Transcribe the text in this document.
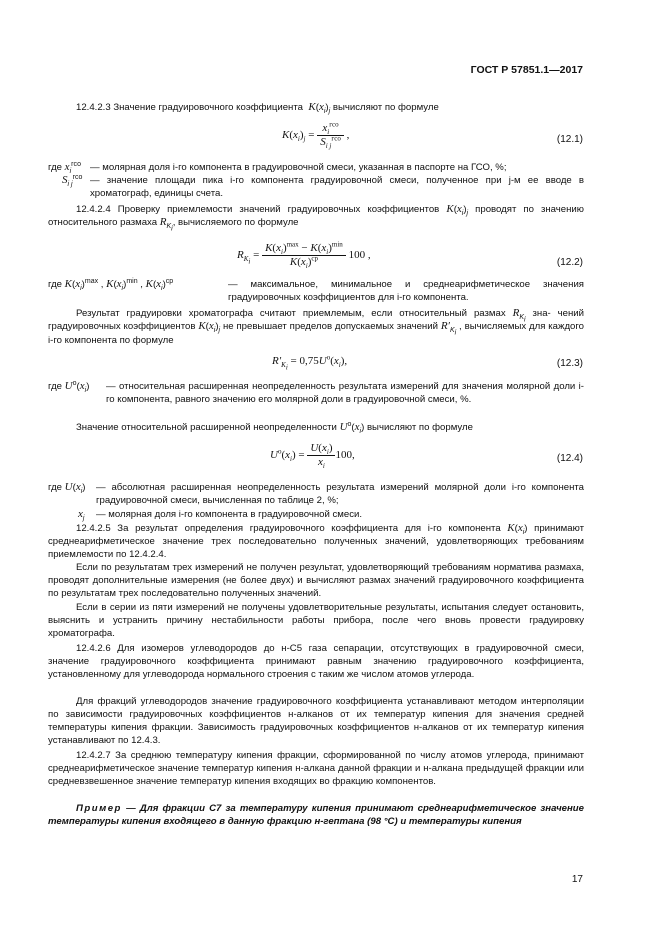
ГОСТ Р 57851.1—2017
12.4.2.3 Значение градуировочного коэффициента  $K(x_i)_j$ вычисляют по формуле
$K(x_i)_j = \frac{x_i^{гсо}}{S_{i j}^{гсо}}$ ,	(12.1)
где $x_i^{гсо}$ — молярная доля i-го компонента в градуировочной смеси, указанная в паспорте на ГСО, %;
$S_{i j}^{гсо}$ — значение площади пика i-го компонента градуировочной смеси, полученное при j-м ее вводе в хроматограф, единицы счета.
12.4.2.4 Проверку приемлемости значений градуировочных коэффициентов $K(x_i)_j$ проводят по значению относительного размаха $R_{K_i}$, вычисляемого по формуле
$R_{K_i} = \frac{K(x_i)^{max} - K(x_i)^{min}}{K(x_i)^{ср}} 100$ ,
(12.2)
где $K(x_i)^{max}$ , $K(x_i)^{min}$ , $K(x_i)^{ср}$	— максимальное, минимальное и среднеарифметическое значения градуировочных коэффициентов для i-го компонента.
Результат градуировки хроматографа считают приемлемым, если относительный размах $R_{K_i}$ зна- чений градуировочных коэффициентов $K(x_i)_j$ не превышает пределов допускаемых значений $R'_{K_i}$ , вычисляемых для каждого i-го компонента по формуле
$R'_{K_i} = 0,75U^о(x_i)$,	(12.3)
где $U^о(x_i)$ — относительная расширенная неопределенность результата измерений для значения молярной доли i-го компонента, равного значению его молярной доли в градуировочной смеси, %.
Значение относительной расширенной неопределенности $U^о(x_i)$ вычисляют по формуле
$U^о(x_i) = \frac{U(x_i)}{x_i} 100$,	(12.4)
где $U(x_i)$ — абсолютная расширенная неопределенность результата измерений молярной доли i-го компонента градуировочной смеси, вычисленная по таблице 2, %;
$x_j$ — молярная доля i-го компонента в градуировочной смеси.
12.4.2.5 За результат определения градуировочного коэффициента для i-го компонента $K(x_i)$ принимают среднеарифметическое значение трех последовательно полученных значений, удовлетворяющих требованиям приемлемости по 12.4.2.4.
Если по результатам трех измерений не получен результат, удовлетворяющий требованиям норматива размаха, проводят дополнительные измерения (не более двух) и вычисляют размах значений градуировочного коэффициента по результатам трех последовательно полученных значений.
Если в серии из пяти измерений не получены удовлетворительные результаты, испытания следует остановить, выяснить и устранить причину нестабильности работы прибора, после чего вновь провести градуировку хроматографа.
12.4.2.6 Для изомеров углеводородов до н-C5 газа сепарации, отсутствующих в градуировочной смеси, значение градуировочного коэффициента принимают равным значению градуировочного коэффициента, установленному для углеводорода нормального строения с таким же числом атомов углерода.
Для фракций углеводородов значение градуировочного коэффициента устанавливают методом интерполяции по зависимости градуировочных коэффициентов н-алканов от их температур кипения для значения средней температуры кипения фракции. Зависимость градуировочных коэффициентов н-алканов от их температур кипения устанавливают по 12.4.3.
12.4.2.7 За среднюю температуру кипения фракции, сформированной по числу атомов углерода, принимают среднеарифметическое значение температур кипения н-алкана данной фракции и н-алкана предыдущей фракции или средневзвешенное значение температур кипения входящих во фракцию компонентов.
Пример — Для фракции C7 за температуру кипения принимают среднеарифметическое значение температуры кипения входящего в данную фракцию н-гептана (98 °С) и температуры кипения
17
